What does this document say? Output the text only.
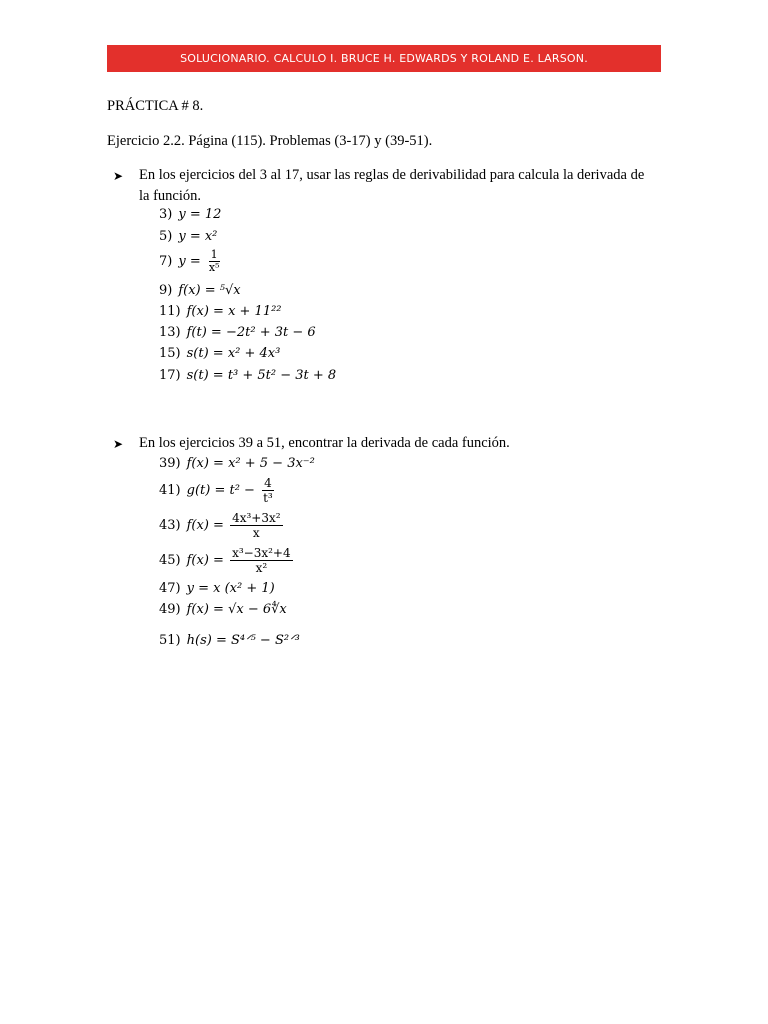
SOLUCIONARIO. CALCULO I. BRUCE H. EDWARDS Y ROLAND E. LARSON.
PRÁCTICA # 8.
Ejercicio 2.2. Página (115). Problemas (3-17) y (39-51).
➤ En los ejercicios del 3 al 17, usar las reglas de derivabilidad para calcula la derivada de la función.
3) y = 12
5) y = x²
7) $y = \frac{1}{\text{x⁵}}$
9) f(x) = ⁵√x
11) f(x) = x + 11²²
13) f(t) = −2t² + 3t − 6
15) s(t) = x² + 4x³
17) s(t) = t³ + 5t² − 3t + 8
➤ En los ejercicios 39 a 51, encontrar la derivada de cada función.
39) f(x) = x² + 5 − 3x⁻²
41) $g(t) = t^2 - \frac{4}{\text{t³}}$
43) $f(x) = \frac{\text{4x³+3x²}}{x}$
45) $f(x) = \frac{\text{x³−3x²+4}}{\text{x²}}$
47) y = x (x² + 1)
49) f(x) = √x − 6∜x
51) h(s) = S⁴ᐟ⁵ − S²ᐟ³
